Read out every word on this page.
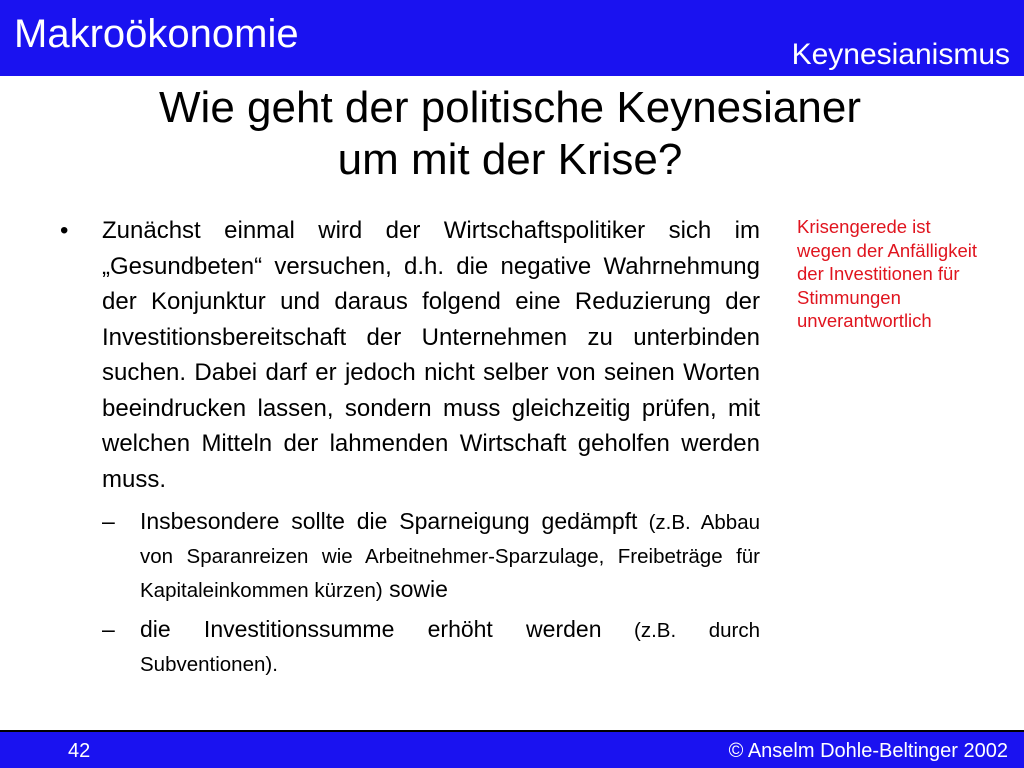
Makroökonomie	Keynesianismus
Wie geht der politische Keynesianer
um mit der Krise?
•	Zunächst einmal wird der Wirtschaftspolitiker sich im „Gesundbeten“ versuchen, d.h. die negative Wahrnehmung der Konjunktur und daraus folgend eine Reduzierung der Investitionsbereitschaft der Unternehmen zu unterbinden suchen. Dabei darf er jedoch nicht selber von seinen Worten beeindrucken lassen, sondern muss gleichzeitig prüfen, mit welchen Mitteln der lahmenden Wirtschaft geholfen werden muss.
–	Insbesondere sollte die Sparneigung gedämpft (z.B. Abbau von Sparanreizen wie Arbeitnehmer-Sparzulage, Freibeträge für Kapitaleinkommen kürzen) sowie
–	die Investitionssumme erhöht werden (z.B. durch Subventionen).
Krisengerede ist wegen der Anfälligkeit der Investitionen für Stimmungen unverantwortlich
42	© Anselm Dohle-Beltinger 2002
